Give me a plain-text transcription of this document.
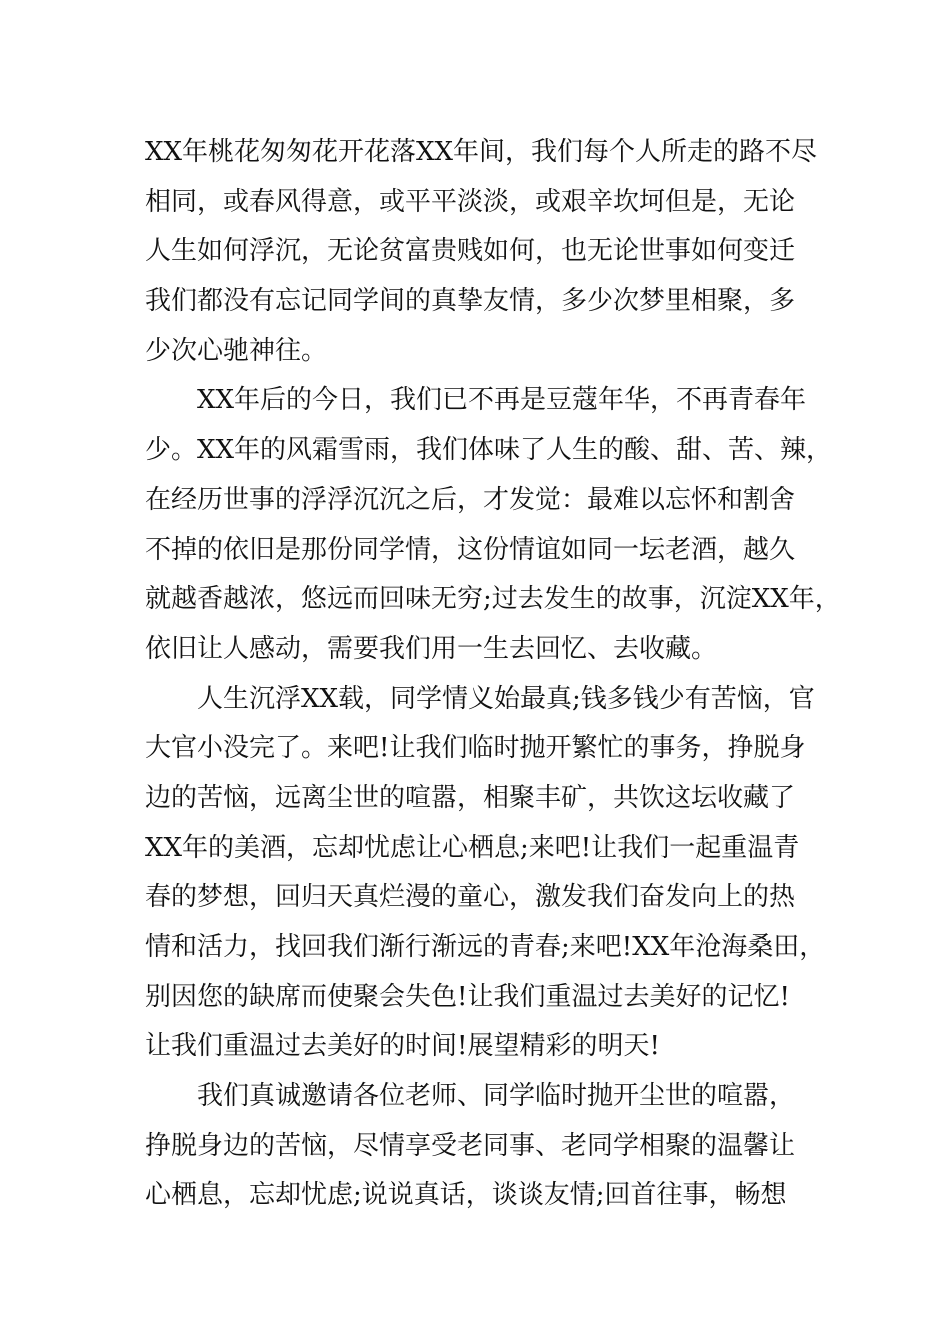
XX年桃花匆匆花开花落XX年间，我们每个人所走的路不尽
相同，或春风得意，或平平淡淡，或艰辛坎坷但是，无论
人生如何浮沉，无论贫富贵贱如何，也无论世事如何变迁
我们都没有忘记同学间的真挚友情，多少次梦里相聚，多
少次心驰神往。
XX年后的今日，我们已不再是豆蔻年华，不再青春年
少。XX年的风霜雪雨，我们体味了人生的酸、甜、苦、辣，
在经历世事的浮浮沉沉之后，才发觉：最难以忘怀和割舍
不掉的依旧是那份同学情，这份情谊如同一坛老酒，越久
就越香越浓，悠远而回味无穷;过去发生的故事，沉淀XX年，
依旧让人感动，需要我们用一生去回忆、去收藏。
人生沉浮XX载，同学情义始最真;钱多钱少有苦恼，官
大官小没完了。来吧!让我们临时抛开繁忙的事务，挣脱身
边的苦恼，远离尘世的喧嚣，相聚丰矿，共饮这坛收藏了
XX年的美酒，忘却忧虑让心栖息;来吧!让我们一起重温青
春的梦想，回归天真烂漫的童心，激发我们奋发向上的热
情和活力，找回我们渐行渐远的青春;来吧!XX年沧海桑田，
别因您的缺席而使聚会失色!让我们重温过去美好的记忆!
让我们重温过去美好的时间!展望精彩的明天!
我们真诚邀请各位老师、同学临时抛开尘世的喧嚣，
挣脱身边的苦恼，尽情享受老同事、老同学相聚的温馨让
心栖息，忘却忧虑;说说真话，谈谈友情;回首往事，畅想
